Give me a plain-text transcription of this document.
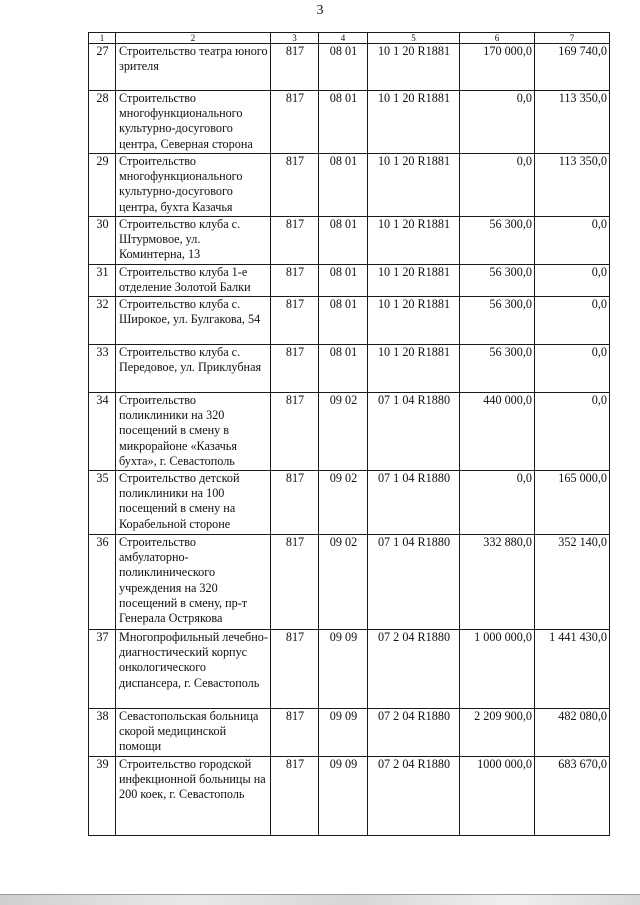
3
1	2	3	4	5	6	7
27	Строительство театра юного зрителя	817	08 01	10 1 20 R1881	170 000,0	169 740,0
28	Строительство многофункционального культурно-досугового центра, Северная сторона	817	08 01	10 1 20 R1881	0,0	113 350,0
29	Строительство многофункционального культурно-досугового центра, бухта Казачья	817	08 01	10 1 20 R1881	0,0	113 350,0
30	Строительство клуба с. Штурмовое, ул. Коминтерна, 13	817	08 01	10 1 20 R1881	56 300,0	0,0
31	Строительство клуба 1-е отделение Золотой Балки	817	08 01	10 1 20 R1881	56 300,0	0,0
32	Строительство клуба с. Широкое, ул. Булгакова, 54	817	08 01	10 1 20 R1881	56 300,0	0,0
33	Строительство клуба с. Передовое, ул. Приклубная	817	08 01	10 1 20 R1881	56 300,0	0,0
34	Строительство поликлиники на 320 посещений в смену в микрорайоне «Казачья бухта», г. Севастополь	817	09 02	07 1 04 R1880	440 000,0	0,0
35	Строительство детской поликлиники на 100 посещений в смену на Корабельной стороне	817	09 02	07 1 04 R1880	0,0	165 000,0
36	Строительство амбулаторно-поликлинического учреждения на 320 посещений в смену, пр-т Генерала Острякова	817	09 02	07 1 04 R1880	332 880,0	352 140,0
37	Многопрофильный лечебно-диагностический корпус онкологического диспансера, г. Севастополь	817	09 09	07 2 04 R1880	1 000 000,0	1 441 430,0
38	Севастопольская больница скорой медицинской помощи	817	09 09	07 2 04 R1880	2 209 900,0	482 080,0
39	Строительство городской инфекционной больницы на 200 коек, г. Севастополь	817	09 09	07 2 04 R1880	1000 000,0	683 670,0
